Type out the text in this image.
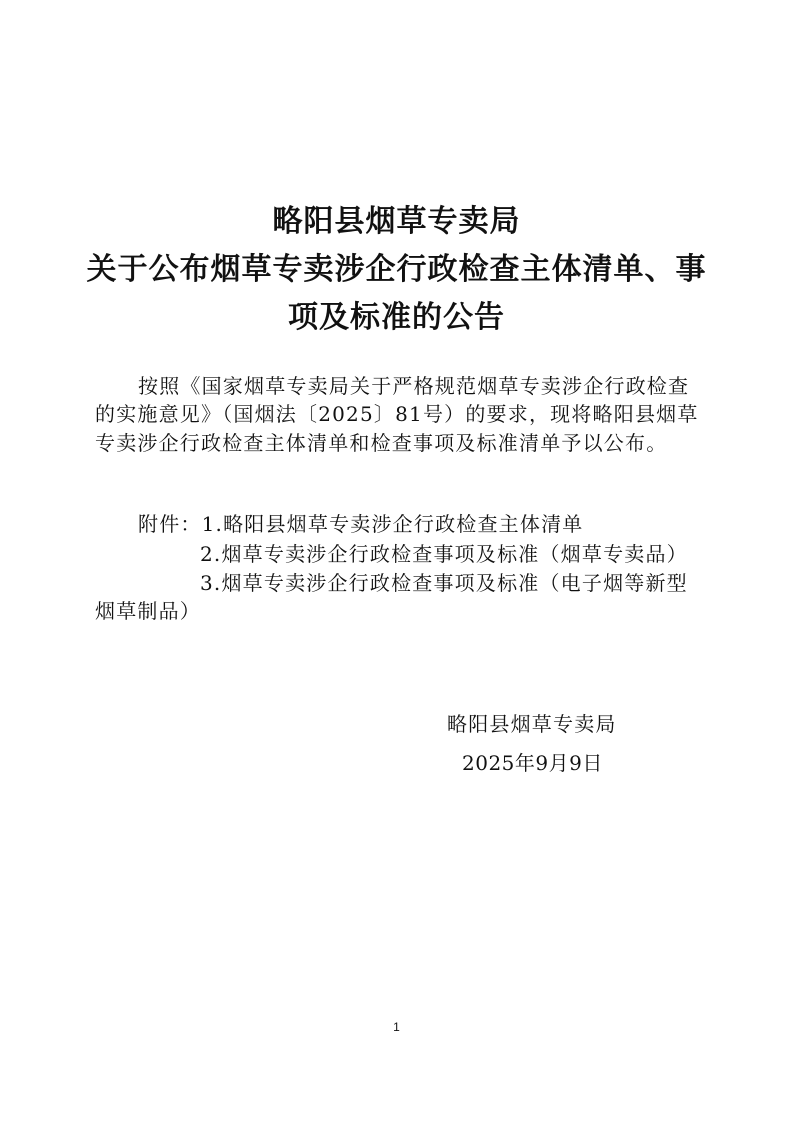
略阳县烟草专卖局
关于公布烟草专卖涉企行政检查主体清单、事
项及标准的公告
按照《国家烟草专卖局关于严格规范烟草专卖涉企行政检查
的实施意见》（国烟法〔2025〕81号）的要求，现将略阳县烟草
专卖涉企行政检查主体清单和检查事项及标准清单予以公布。
附件：1.略阳县烟草专卖涉企行政检查主体清单
2.烟草专卖涉企行政检查事项及标准（烟草专卖品）
3.烟草专卖涉企行政检查事项及标准（电子烟等新型
烟草制品）
略阳县烟草专卖局
2025年9月9日
1
